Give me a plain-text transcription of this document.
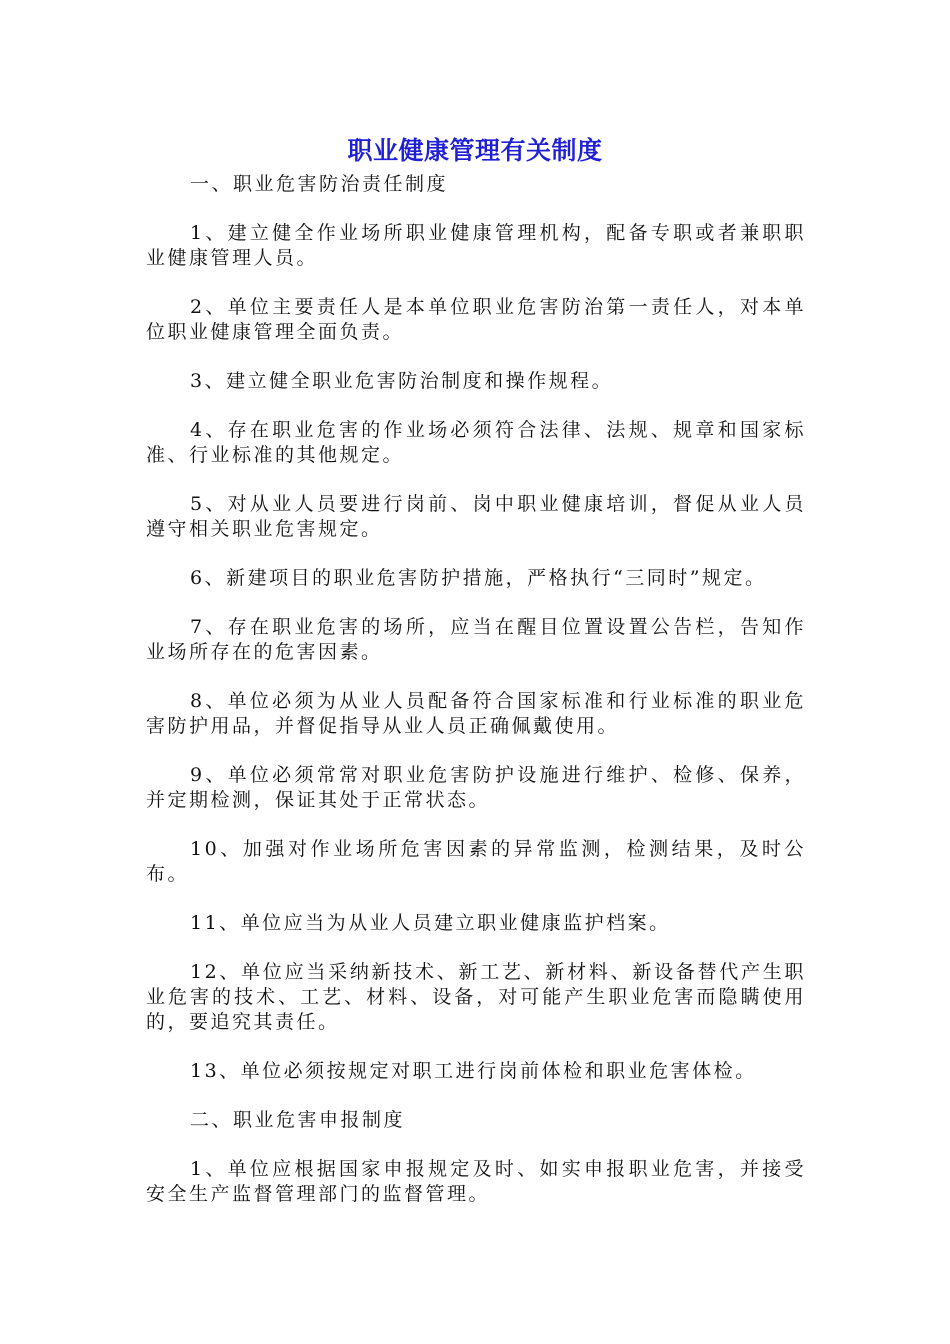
职业健康管理有关制度

一、职业危害防治责任制度

1、建立健全作业场所职业健康管理机构，配备专职或者兼职职业健康管理人员。

2、单位主要责任人是本单位职业危害防治第一责任人，对本单位职业健康管理全面负责。

3、建立健全职业危害防治制度和操作规程。

4、存在职业危害的作业场必须符合法律、法规、规章和国家标准、行业标准的其他规定。

5、对从业人员要进行岗前、岗中职业健康培训，督促从业人员遵守相关职业危害规定。

6、新建项目的职业危害防护措施，严格执行“三同时”规定。

7、存在职业危害的场所，应当在醒目位置设置公告栏，告知作业场所存在的危害因素。

8、单位必须为从业人员配备符合国家标准和行业标准的职业危害防护用品，并督促指导从业人员正确佩戴使用。

9、单位必须常常对职业危害防护设施进行维护、检修、保养，并定期检测，保证其处于正常状态。

10、加强对作业场所危害因素的异常监测，检测结果，及时公布。

11、单位应当为从业人员建立职业健康监护档案。

12、单位应当采纳新技术、新工艺、新材料、新设备替代产生职业危害的技术、工艺、材料、设备，对可能产生职业危害而隐瞒使用的，要追究其责任。

13、单位必须按规定对职工进行岗前体检和职业危害体检。

二、职业危害申报制度

1、单位应根据国家申报规定及时、如实申报职业危害，并接受安全生产监督管理部门的监督管理。
